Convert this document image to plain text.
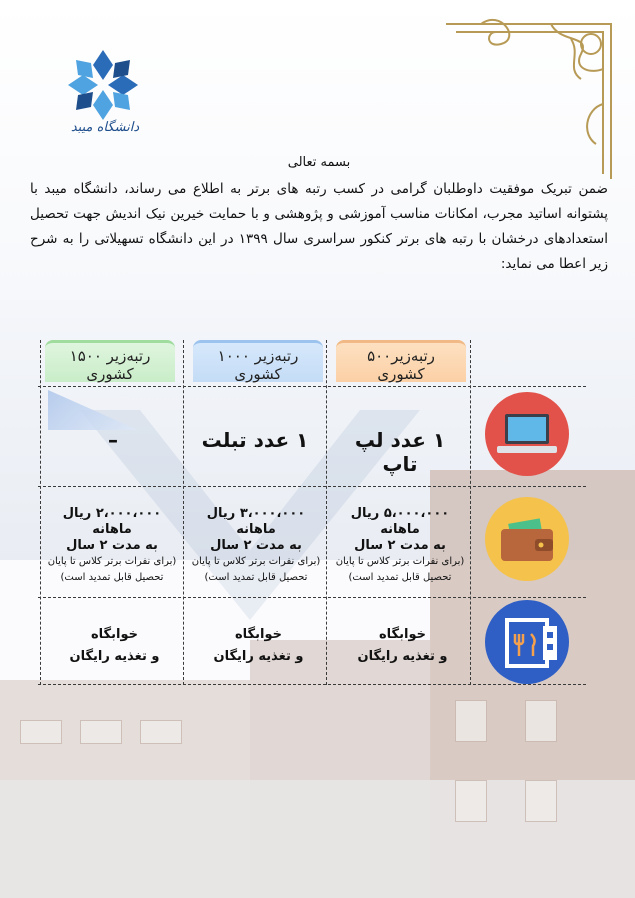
دانشگاه میبد
بسمه تعالی
ضمن تبریک موفقیت داوطلبان گرامی در کسب رتبه های برتر به اطلاع می رساند، دانشگاه میبد با پشتوانه اساتید مجرب، امکانات مناسب آموزشی و پژوهشی و با حمایت خیرین نیک اندیش جهت تحصیل استعدادهای درخشان با رتبه های برتر کنکور سراسری سال ۱۳۹۹ در این دانشگاه تسهیلاتی را به شرح زیر اعطا می نماید:
رتبه‌زیر۵۰۰
کشوری
رتبه‌زیر ۱۰۰۰
کشوری
رتبه‌زیر ۱۵۰۰
کشوری
۱ عدد لپ تاپ
۱ عدد تبلت
–
۵،۰۰۰،۰۰۰ ریال
ماهانه
به مدت ۲ سال
(برای نفرات برتر کلاس تا پایان تحصیل قابل تمدید است)
۳،۰۰۰،۰۰۰ ریال
ماهانه
به مدت ۲ سال
(برای نفرات برتر کلاس تا پایان تحصیل قابل تمدید است)
۲،۰۰۰،۰۰۰ ریال
ماهانه
به مدت ۲ سال
(برای نفرات برتر کلاس تا پایان تحصیل قابل تمدید است)
خوابگاه
و تغذیه رایگان
خوابگاه
و تغذیه رایگان
خوابگاه
و تغذیه رایگان
